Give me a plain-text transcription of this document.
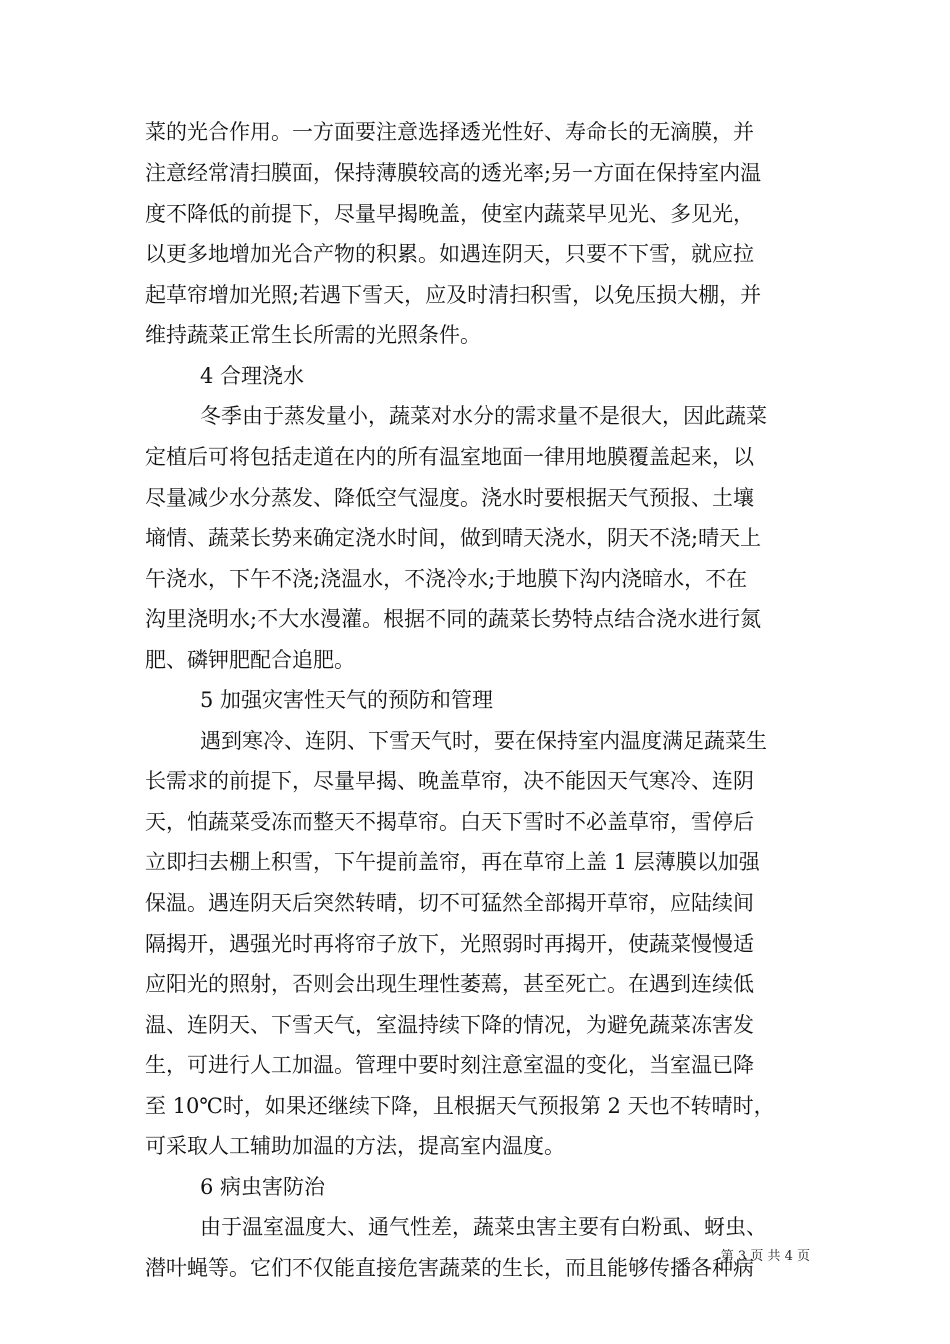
菜的光合作用。一方面要注意选择透光性好、寿命长的无滴膜，并
注意经常清扫膜面，保持薄膜较高的透光率;另一方面在保持室内温
度不降低的前提下，尽量早揭晚盖，使室内蔬菜早见光、多见光，
以更多地增加光合产物的积累。如遇连阴天，只要不下雪，就应拉
起草帘增加光照;若遇下雪天，应及时清扫积雪，以免压损大棚，并
维持蔬菜正常生长所需的光照条件。
4 合理浇水
冬季由于蒸发量小，蔬菜对水分的需求量不是很大，因此蔬菜
定植后可将包括走道在内的所有温室地面一律用地膜覆盖起来，以
尽量减少水分蒸发、降低空气湿度。浇水时要根据天气预报、土壤
墒情、蔬菜长势来确定浇水时间，做到晴天浇水，阴天不浇;晴天上
午浇水，下午不浇;浇温水，不浇冷水;于地膜下沟内浇暗水，不在
沟里浇明水;不大水漫灌。根据不同的蔬菜长势特点结合浇水进行氮
肥、磷钾肥配合追肥。
5 加强灾害性天气的预防和管理
遇到寒冷、连阴、下雪天气时，要在保持室内温度满足蔬菜生
长需求的前提下，尽量早揭、晚盖草帘，决不能因天气寒冷、连阴
天，怕蔬菜受冻而整天不揭草帘。白天下雪时不必盖草帘，雪停后
立即扫去棚上积雪，下午提前盖帘，再在草帘上盖 1 层薄膜以加强
保温。遇连阴天后突然转晴，切不可猛然全部揭开草帘，应陆续间
隔揭开，遇强光时再将帘子放下，光照弱时再揭开，使蔬菜慢慢适
应阳光的照射，否则会出现生理性萎蔫，甚至死亡。在遇到连续低
温、连阴天、下雪天气，室温持续下降的情况，为避免蔬菜冻害发
生，可进行人工加温。管理中要时刻注意室温的变化，当室温已降
至 10℃时，如果还继续下降，且根据天气预报第 2 天也不转晴时，
可采取人工辅助加温的方法，提高室内温度。
6 病虫害防治
由于温室温度大、通气性差，蔬菜虫害主要有白粉虱、蚜虫、
潜叶蝇等。它们不仅能直接危害蔬菜的生长，而且能够传播各种病
第 3 页 共 4 页
